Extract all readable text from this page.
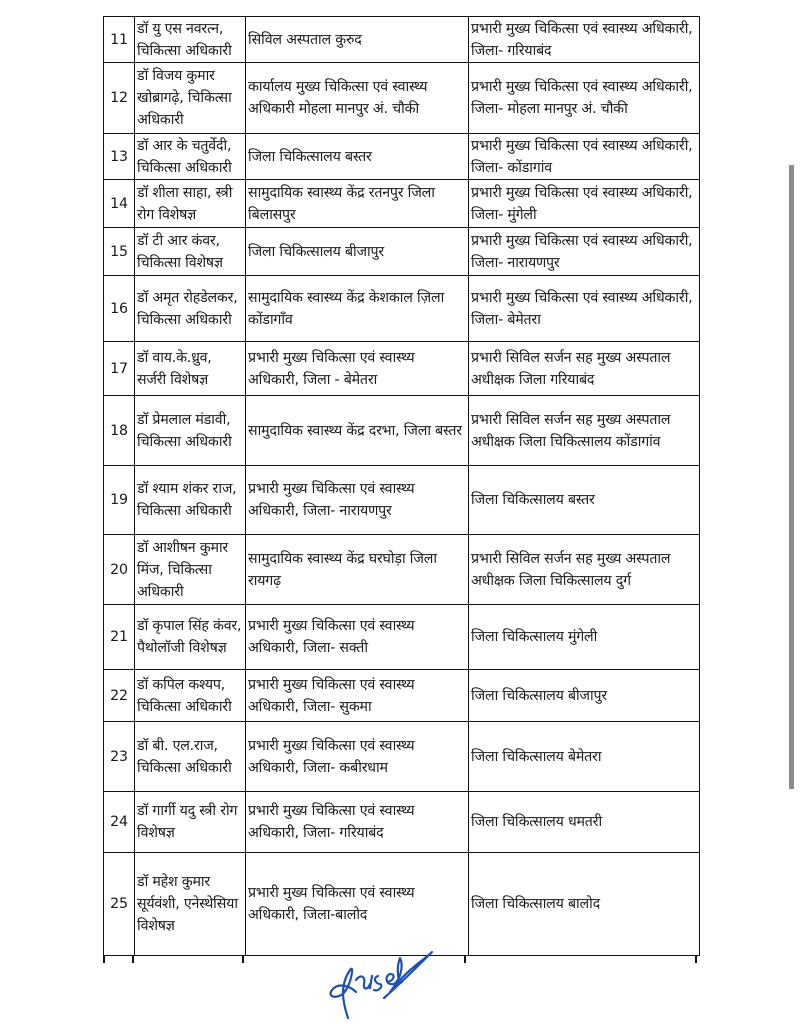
11	डॉ यु एस नवरत्न, चिकित्सा अधिकारी	सिविल अस्पताल कुरुद	प्रभारी मुख्य चिकित्सा एवं स्वास्थ्य अधिकारी, जिला- गरियाबंद
12	डॉ विजय कुमार खोब्रागढ़े, चिकित्सा अधिकारी	कार्यालय मुख्य चिकित्सा एवं स्वास्थ्य अधिकारी मोहला मानपुर अं. चौकी	प्रभारी मुख्य चिकित्सा एवं स्वास्थ्य अधिकारी, जिला- मोहला मानपुर अं. चौकी
13	डॉ आर के चतुर्वेदी, चिकित्सा अधिकारी	जिला चिकित्सालय बस्तर	प्रभारी मुख्य चिकित्सा एवं स्वास्थ्य अधिकारी, जिला- कोंडागांव
14	डॉ शीला साहा, स्त्री रोग विशेषज्ञ	सामुदायिक स्वास्थ्य केंद्र रतनपुर जिला बिलासपुर	प्रभारी मुख्य चिकित्सा एवं स्वास्थ्य अधिकारी, जिला- मुंगेली
15	डॉ टी आर कंवर, चिकित्सा विशेषज्ञ	जिला चिकित्सालय बीजापुर	प्रभारी मुख्य चिकित्सा एवं स्वास्थ्य अधिकारी, जिला- नारायणपुर
16	डॉ अमृत रोहडेलकर, चिकित्सा अधिकारी	सामुदायिक स्वास्थ्य केंद्र केशकाल ज़िला कोंडागाँव	प्रभारी मुख्य चिकित्सा एवं स्वास्थ्य अधिकारी, जिला- बेमेतरा
17	डॉ वाय.के.ध्रुव, सर्जरी विशेषज्ञ	प्रभारी मुख्य चिकित्सा एवं स्वास्थ्य अधिकारी, जिला - बेमेतरा	प्रभारी सिविल सर्जन सह मुख्य अस्पताल अधीक्षक जिला गरियाबंद
18	डॉ प्रेमलाल मंडावी, चिकित्सा अधिकारी	सामुदायिक स्वास्थ्य केंद्र दरभा, जिला बस्तर	प्रभारी सिविल सर्जन सह मुख्य अस्पताल अधीक्षक जिला चिकित्सालय कोंडागांव
19	डॉ श्याम शंकर राज, चिकित्सा अधिकारी	प्रभारी मुख्य चिकित्सा एवं स्वास्थ्य अधिकारी, जिला- नारायणपुर	जिला चिकित्सालय बस्तर
20	डॉ आशीषन कुमार मिंज, चिकित्सा अधिकारी	सामुदायिक स्वास्थ्य केंद्र घरघोड़ा जिला रायगढ़	प्रभारी सिविल सर्जन सह मुख्य अस्पताल अधीक्षक जिला चिकित्सालय दुर्ग
21	डॉ कृपाल सिंह कंवर, पैथोलॉजी विशेषज्ञ	प्रभारी मुख्य चिकित्सा एवं स्वास्थ्य अधिकारी, जिला- सक्ती	जिला चिकित्सालय मुंगेली
22	डॉ कपिल कश्यप, चिकित्सा अधिकारी	प्रभारी मुख्य चिकित्सा एवं स्वास्थ्य अधिकारी, जिला- सुकमा	जिला चिकित्सालय बीजापुर
23	डॉ बी. एल.राज, चिकित्सा अधिकारी	प्रभारी मुख्य चिकित्सा एवं स्वास्थ्य अधिकारी, जिला- कबीरधाम	जिला चिकित्सालय बेमेतरा
24	डॉ गार्गी यदु स्त्री रोग विशेषज्ञ	प्रभारी मुख्य चिकित्सा एवं स्वास्थ्य अधिकारी, जिला- गरियाबंद	जिला चिकित्सालय धमतरी
25	डॉ महेश कुमार सूर्यवंशी, एनेस्थेसिया विशेषज्ञ	प्रभारी मुख्य चिकित्सा एवं स्वास्थ्य अधिकारी, जिला-बालोद	जिला चिकित्सालय बालोद
